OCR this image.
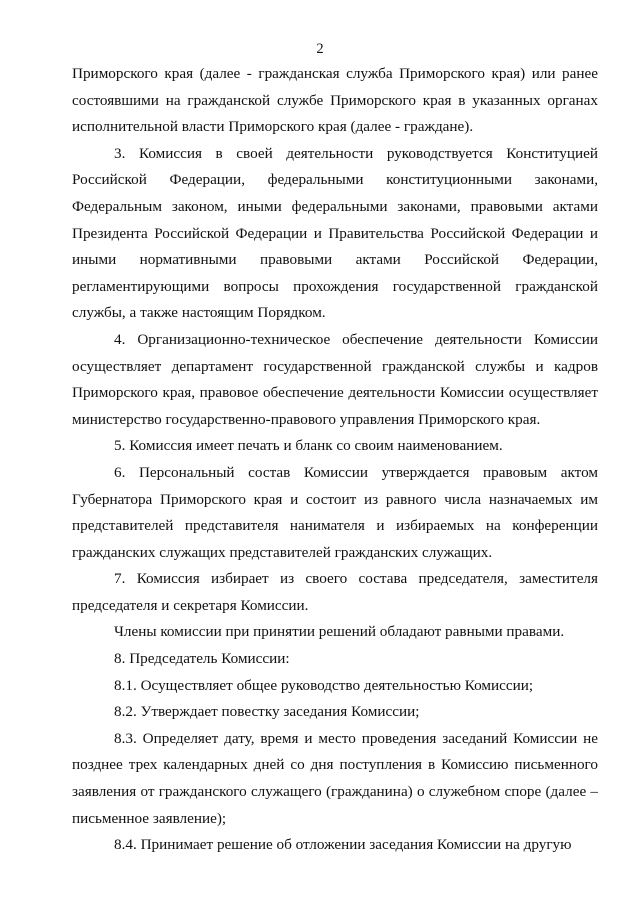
2

Приморского края (далее - гражданская служба Приморского края) или ранее состоявшими на гражданской службе Приморского края в указанных органах исполнительной власти Приморского края (далее - граждане).

3. Комиссия в своей деятельности руководствуется Конституцией Российской Федерации, федеральными конституционными законами, Федеральным законом, иными федеральными законами, правовыми актами Президента Российской Федерации и Правительства Российской Федерации и иными нормативными правовыми актами Российской Федерации, регламентирующими вопросы прохождения государственной гражданской службы, а также настоящим Порядком.

4. Организационно-техническое обеспечение деятельности Комиссии осуществляет департамент государственной гражданской службы и кадров Приморского края, правовое обеспечение деятельности Комиссии осуществляет министерство государственно-правового управления Приморского края.

5. Комиссия имеет печать и бланк со своим наименованием.

6. Персональный состав Комиссии утверждается правовым актом Губернатора Приморского края и состоит из равного числа назначаемых им представителей представителя нанимателя и избираемых на конференции гражданских служащих представителей гражданских служащих.

7. Комиссия избирает из своего состава председателя, заместителя председателя и секретаря Комиссии.

Члены комиссии при принятии решений обладают равными правами.

8. Председатель Комиссии:

8.1. Осуществляет общее руководство деятельностью Комиссии;

8.2. Утверждает повестку заседания Комиссии;

8.3. Определяет дату, время и место проведения заседаний Комиссии не позднее трех календарных дней со дня поступления в Комиссию письменного заявления от гражданского служащего (гражданина) о служебном споре (далее – письменное заявление);

8.4. Принимает решение об отложении заседания Комиссии на другую
